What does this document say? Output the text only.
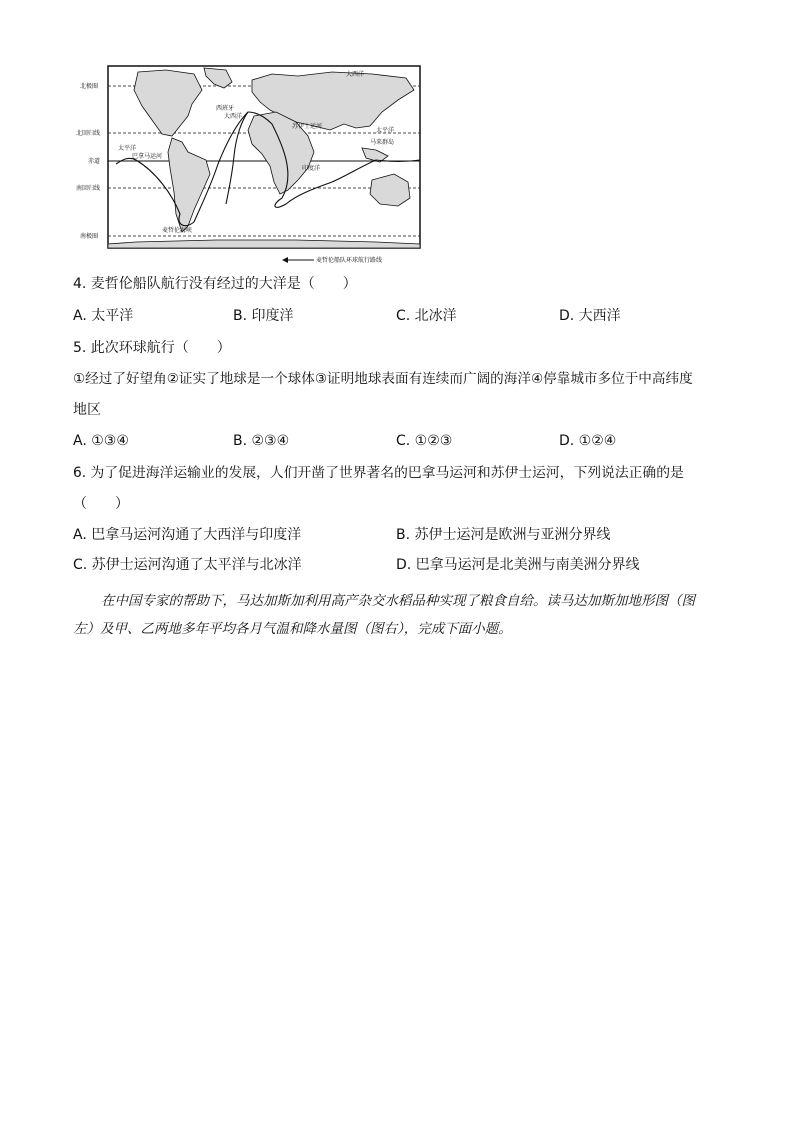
北极圈
北回归线
赤道
南回归线
南极圈
大西洋
太平洋
印度洋
太平洋
大西洋
西班牙
巴拿马运河
苏伊士运河
麦哲伦海峡
马来群岛
麦哲伦船队环球航行路线
4. 麦哲伦船队航行没有经过的大洋是（　　）
A. 太平洋	B. 印度洋	C. 北冰洋	D. 大西洋
5. 此次环球航行（　　）
①经过了好望角②证实了地球是一个球体③证明地球表面有连续而广阔的海洋④停靠城市多位于中高纬度
地区
A. ①③④	B. ②③④	C. ①②③	D. ①②④
6. 为了促进海洋运输业的发展，人们开凿了世界著名的巴拿马运河和苏伊士运河，下列说法正确的是
（　　）
A. 巴拿马运河沟通了大西洋与印度洋	B. 苏伊士运河是欧洲与亚洲分界线
C. 苏伊士运河沟通了太平洋与北冰洋	D. 巴拿马运河是北美洲与南美洲分界线
在中国专家的帮助下，马达加斯加利用高产杂交水稻品种实现了粮食自给。读马达加斯加地形图（图
左）及甲、乙两地多年平均各月气温和降水量图（图右），完成下面小题。
